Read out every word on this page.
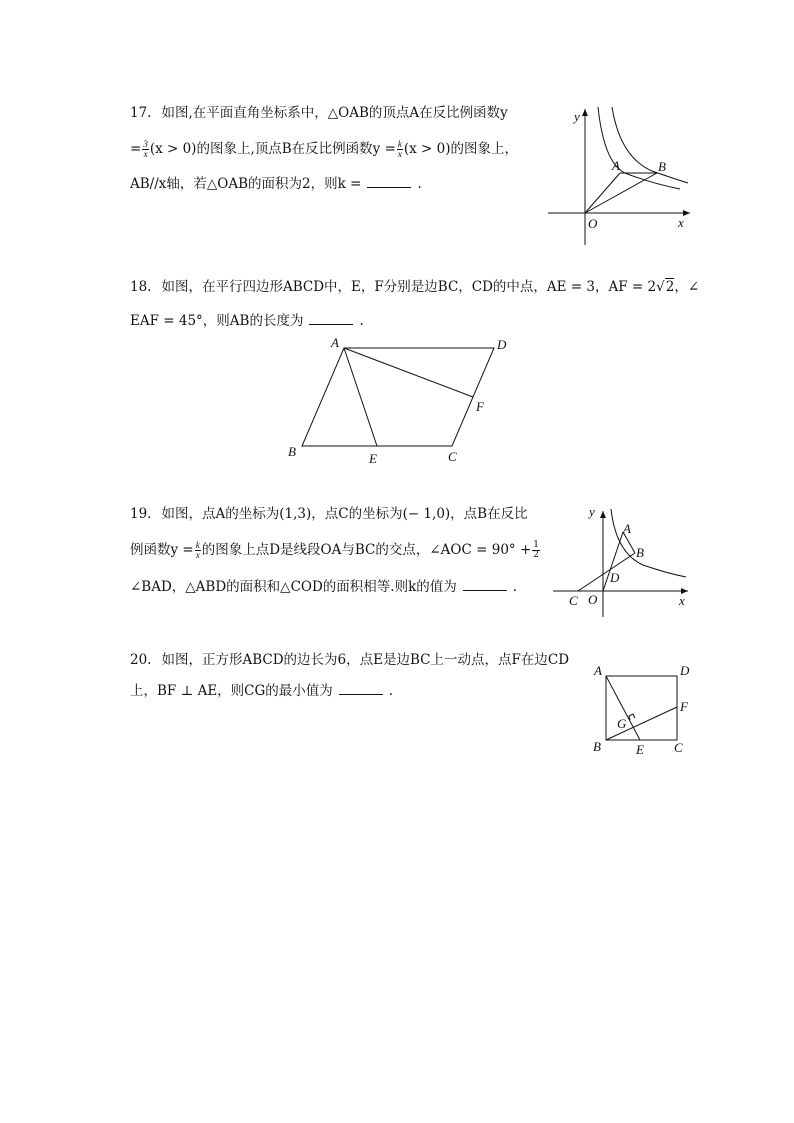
17. 如图,在平面直角坐标系中，△OAB的顶点A在反比例函数y
= $\frac{3}{x} (x > 0)$的图象上,顶点B在反比例函数$y = \frac{k}{x} (x > 0)$的图象上，
AB//x轴，若△OAB的面积为2，则k =	.
y
x
O
A	B
18. 如图，在平行四边形ABCD中，E，F分别是边BC，CD的中点，AE = 3，AF = 2√2，∠
EAF = 45°，则AB的长度为	.
A	D
F
B	E	C
19. 如图，点A的坐标为(1,3)，点C的坐标为(− 1,0)，点B在反比
例函数$y = \frac{k}{x}$ 的图象上点D是线段OA与BC的交点，∠AOC = $90^\circ + \frac{1}{2}$
∠BAD，△ABD的面积和△COD的面积相等.则k的值为	.
y
A
B
D
C O	x
20. 如图，正方形ABCD的边长为6，点E是边BC上一动点，点F在边CD
上，BF ⊥ AE，则CG的最小值为	.
A	D
F
G
B	E C
